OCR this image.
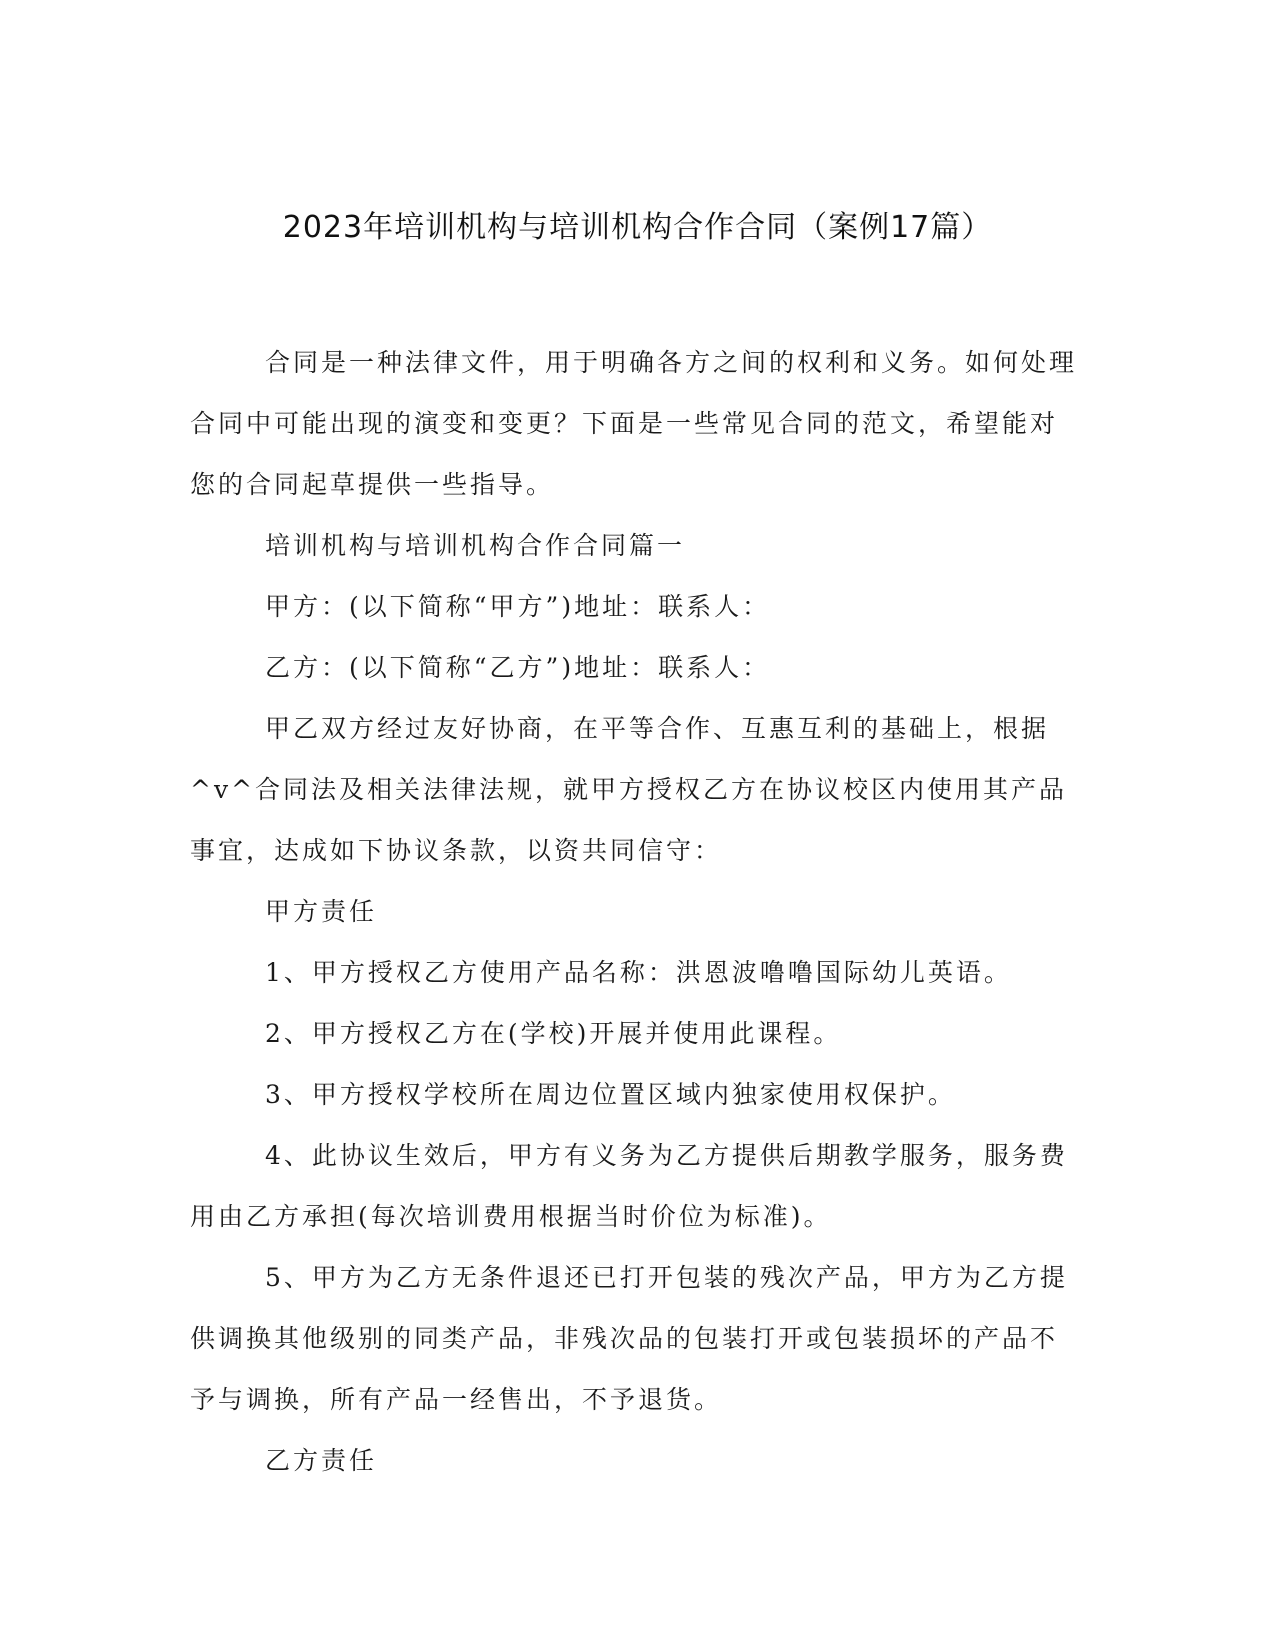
2023年培训机构与培训机构合作合同（案例17篇）

合同是一种法律文件，用于明确各方之间的权利和义务。如何处理合同中可能出现的演变和变更？下面是一些常见合同的范文，希望能对您的合同起草提供一些指导。

培训机构与培训机构合作合同篇一

甲方：(以下简称“甲方”)地址：联系人：

乙方：(以下简称“乙方”)地址：联系人：

甲乙双方经过友好协商，在平等合作、互惠互利的基础上，根据^v^合同法及相关法律法规，就甲方授权乙方在协议校区内使用其产品事宜，达成如下协议条款，以资共同信守：

甲方责任

1、甲方授权乙方使用产品名称：洪恩波噜噜国际幼儿英语。

2、甲方授权乙方在(学校)开展并使用此课程。

3、甲方授权学校所在周边位置区域内独家使用权保护。

4、此协议生效后，甲方有义务为乙方提供后期教学服务，服务费用由乙方承担(每次培训费用根据当时价位为标准)。

5、甲方为乙方无条件退还已打开包装的残次产品，甲方为乙方提供调换其他级别的同类产品，非残次品的包装打开或包装损坏的产品不予与调换，所有产品一经售出，不予退货。

乙方责任
